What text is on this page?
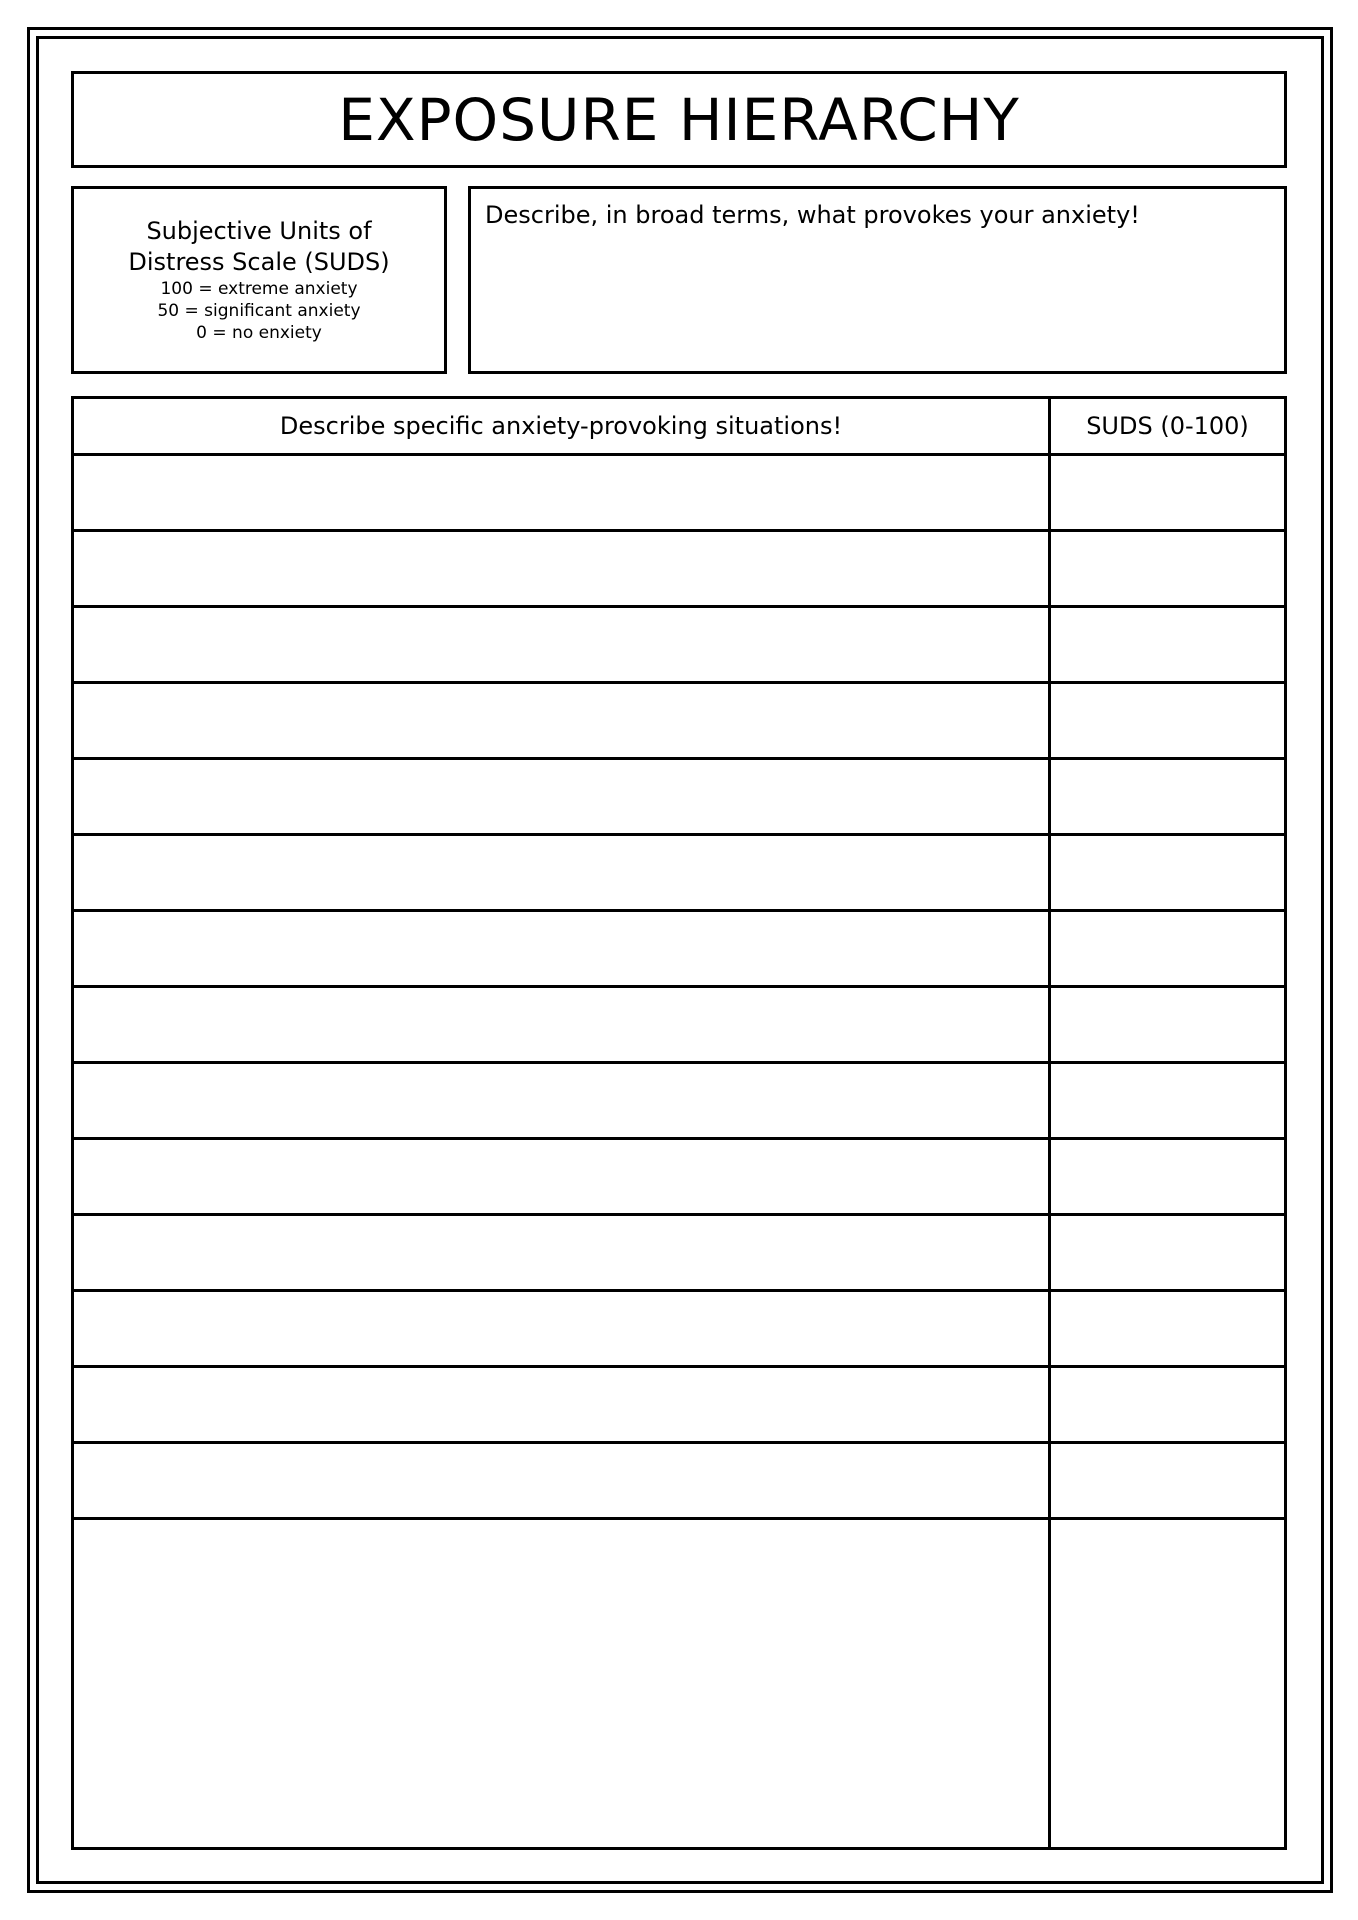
EXPOSURE HIERARCHY
Subjective Units of
Distress Scale (SUDS)
100 = extreme anxiety
50 = significant anxiety
0 = no enxiety
Describe, in broad terms, what provokes your anxiety!
Describe specific anxiety-provoking situations!	SUDS (0-100)
